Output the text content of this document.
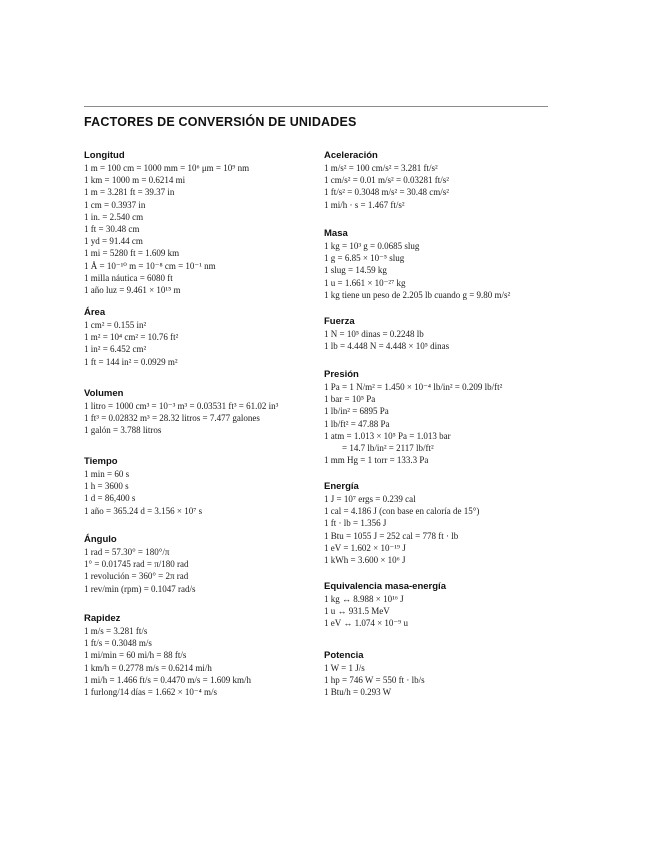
FACTORES DE CONVERSIÓN DE UNIDADES
Longitud
1 m = 100 cm = 1000 mm = 10⁶ μm = 10⁹ nm
1 km = 1000 m = 0.6214 mi
1 m = 3.281 ft = 39.37 in
1 cm = 0.3937 in
1 in. = 2.540 cm
1 ft = 30.48 cm
1 yd = 91.44 cm
1 mi = 5280 ft = 1.609 km
1 Å = 10⁻¹⁰ m = 10⁻⁸ cm = 10⁻¹ nm
1 milla náutica = 6080 ft
1 año luz = 9.461 × 10¹⁵ m
Área
1 cm² = 0.155 in²
1 m² = 10⁴ cm² = 10.76 ft²
1 in² = 6.452 cm²
1 ft = 144 in² = 0.0929 m²
Volumen
1 litro = 1000 cm³ = 10⁻³ m³ = 0.03531 ft³ = 61.02 in³
1 ft³ = 0.02832 m³ = 28.32 litros = 7.477 galones
1 galón = 3.788 litros
Tiempo
1 min = 60 s
1 h = 3600 s
1 d = 86,400 s
1 año = 365.24 d = 3.156 × 10⁷ s
Ángulo
1 rad = 57.30° = 180°/π
1° = 0.01745 rad = π/180 rad
1 revolución = 360° = 2π rad
1 rev/min (rpm) = 0.1047 rad/s
Rapidez
1 m/s = 3.281 ft/s
1 ft/s = 0.3048 m/s
1 mi/min = 60 mi/h = 88 ft/s
1 km/h = 0.2778 m/s = 0.6214 mi/h
1 mi/h = 1.466 ft/s = 0.4470 m/s = 1.609 km/h
1 furlong/14 días = 1.662 × 10⁻⁴ m/s
Aceleración
1 m/s² = 100 cm/s² = 3.281 ft/s²
1 cm/s² = 0.01 m/s² = 0.03281 ft/s²
1 ft/s² = 0.3048 m/s² = 30.48 cm/s²
1 mi/h · s = 1.467 ft/s²
Masa
1 kg = 10³ g = 0.0685 slug
1 g = 6.85 × 10⁻⁵ slug
1 slug = 14.59 kg
1 u = 1.661 × 10⁻²⁷ kg
1 kg tiene un peso de 2.205 lb cuando g = 9.80 m/s²
Fuerza
1 N = 10⁵ dinas = 0.2248 lb
1 lb = 4.448 N = 4.448 × 10⁵ dinas
Presión
1 Pa = 1 N/m² = 1.450 × 10⁻⁴ lb/in² = 0.209 lb/ft²
1 bar = 10⁵ Pa
1 lb/in² = 6895 Pa
1 lb/ft² = 47.88 Pa
1 atm = 1.013 × 10⁵ Pa = 1.013 bar
= 14.7 lb/in² = 2117 lb/ft²
1 mm Hg = 1 torr = 133.3 Pa
Energía
1 J = 10⁷ ergs = 0.239 cal
1 cal = 4.186 J (con base en caloría de 15°)
1 ft · lb = 1.356 J
1 Btu = 1055 J = 252 cal = 778 ft · lb
1 eV = 1.602 × 10⁻¹⁹ J
1 kWh = 3.600 × 10⁶ J
Equivalencia masa-energía
1 kg ↔ 8.988 × 10¹⁶ J
1 u ↔ 931.5 MeV
1 eV ↔ 1.074 × 10⁻⁹ u
Potencia
1 W = 1 J/s
1 hp = 746 W = 550 ft · lb/s
1 Btu/h = 0.293 W
